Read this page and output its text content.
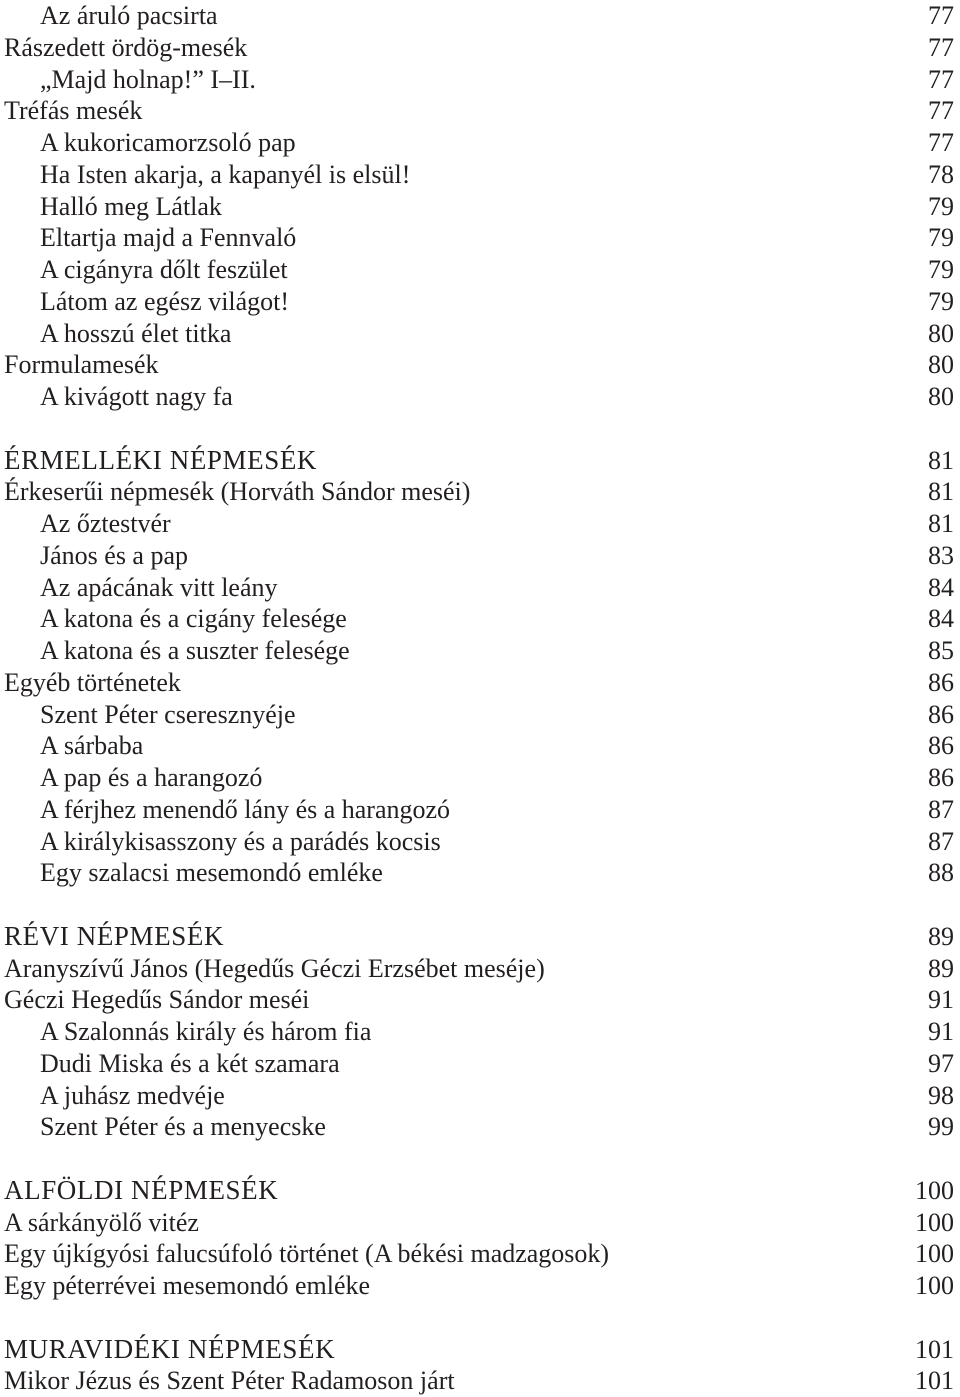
Az áruló pacsirta	77
Rászedett ördög-mesék	77
„Majd holnap!” I–II.	77
Tréfás mesék	77
A kukoricamorzsoló pap	77
Ha Isten akarja, a kapanyél is elsül!	78
Halló meg Látlak	79
Eltartja majd a Fennvaló	79
A cigányra dőlt feszület	79
Látom az egész világot!	79
A hosszú élet titka	80
Formulamesék	80
A kivágott nagy fa	80
ÉRMELLÉKI NÉPMESÉK	81
Érkeserűi népmesék (Horváth Sándor meséi)	81
Az őztestvér	81
János és a pap	83
Az apácának vitt leány	84
A katona és a cigány felesége	84
A katona és a suszter felesége	85
Egyéb történetek	86
Szent Péter cseresznyéje	86
A sárbaba	86
A pap és a harangozó	86
A férjhez menendő lány és a harangozó	87
A királykisasszony és a parádés kocsis	87
Egy szalacsi mesemondó emléke	88
RÉVI NÉPMESÉK	89
Aranyszívű János (Hegedűs Géczi Erzsébet meséje)	89
Géczi Hegedűs Sándor meséi	91
A Szalonnás király és három fia	91
Dudi Miska és a két szamara	97
A juhász medvéje	98
Szent Péter és a menyecske	99
ALFÖLDI NÉPMESÉK	100
A sárkányölő vitéz	100
Egy újkígyósi falucsúfoló történet (A békési madzagosok)	100
Egy péterrévei mesemondó emléke	100
MURAVIDÉKI NÉPMESÉK	101
Mikor Jézus és Szent Péter Radamoson járt	101
